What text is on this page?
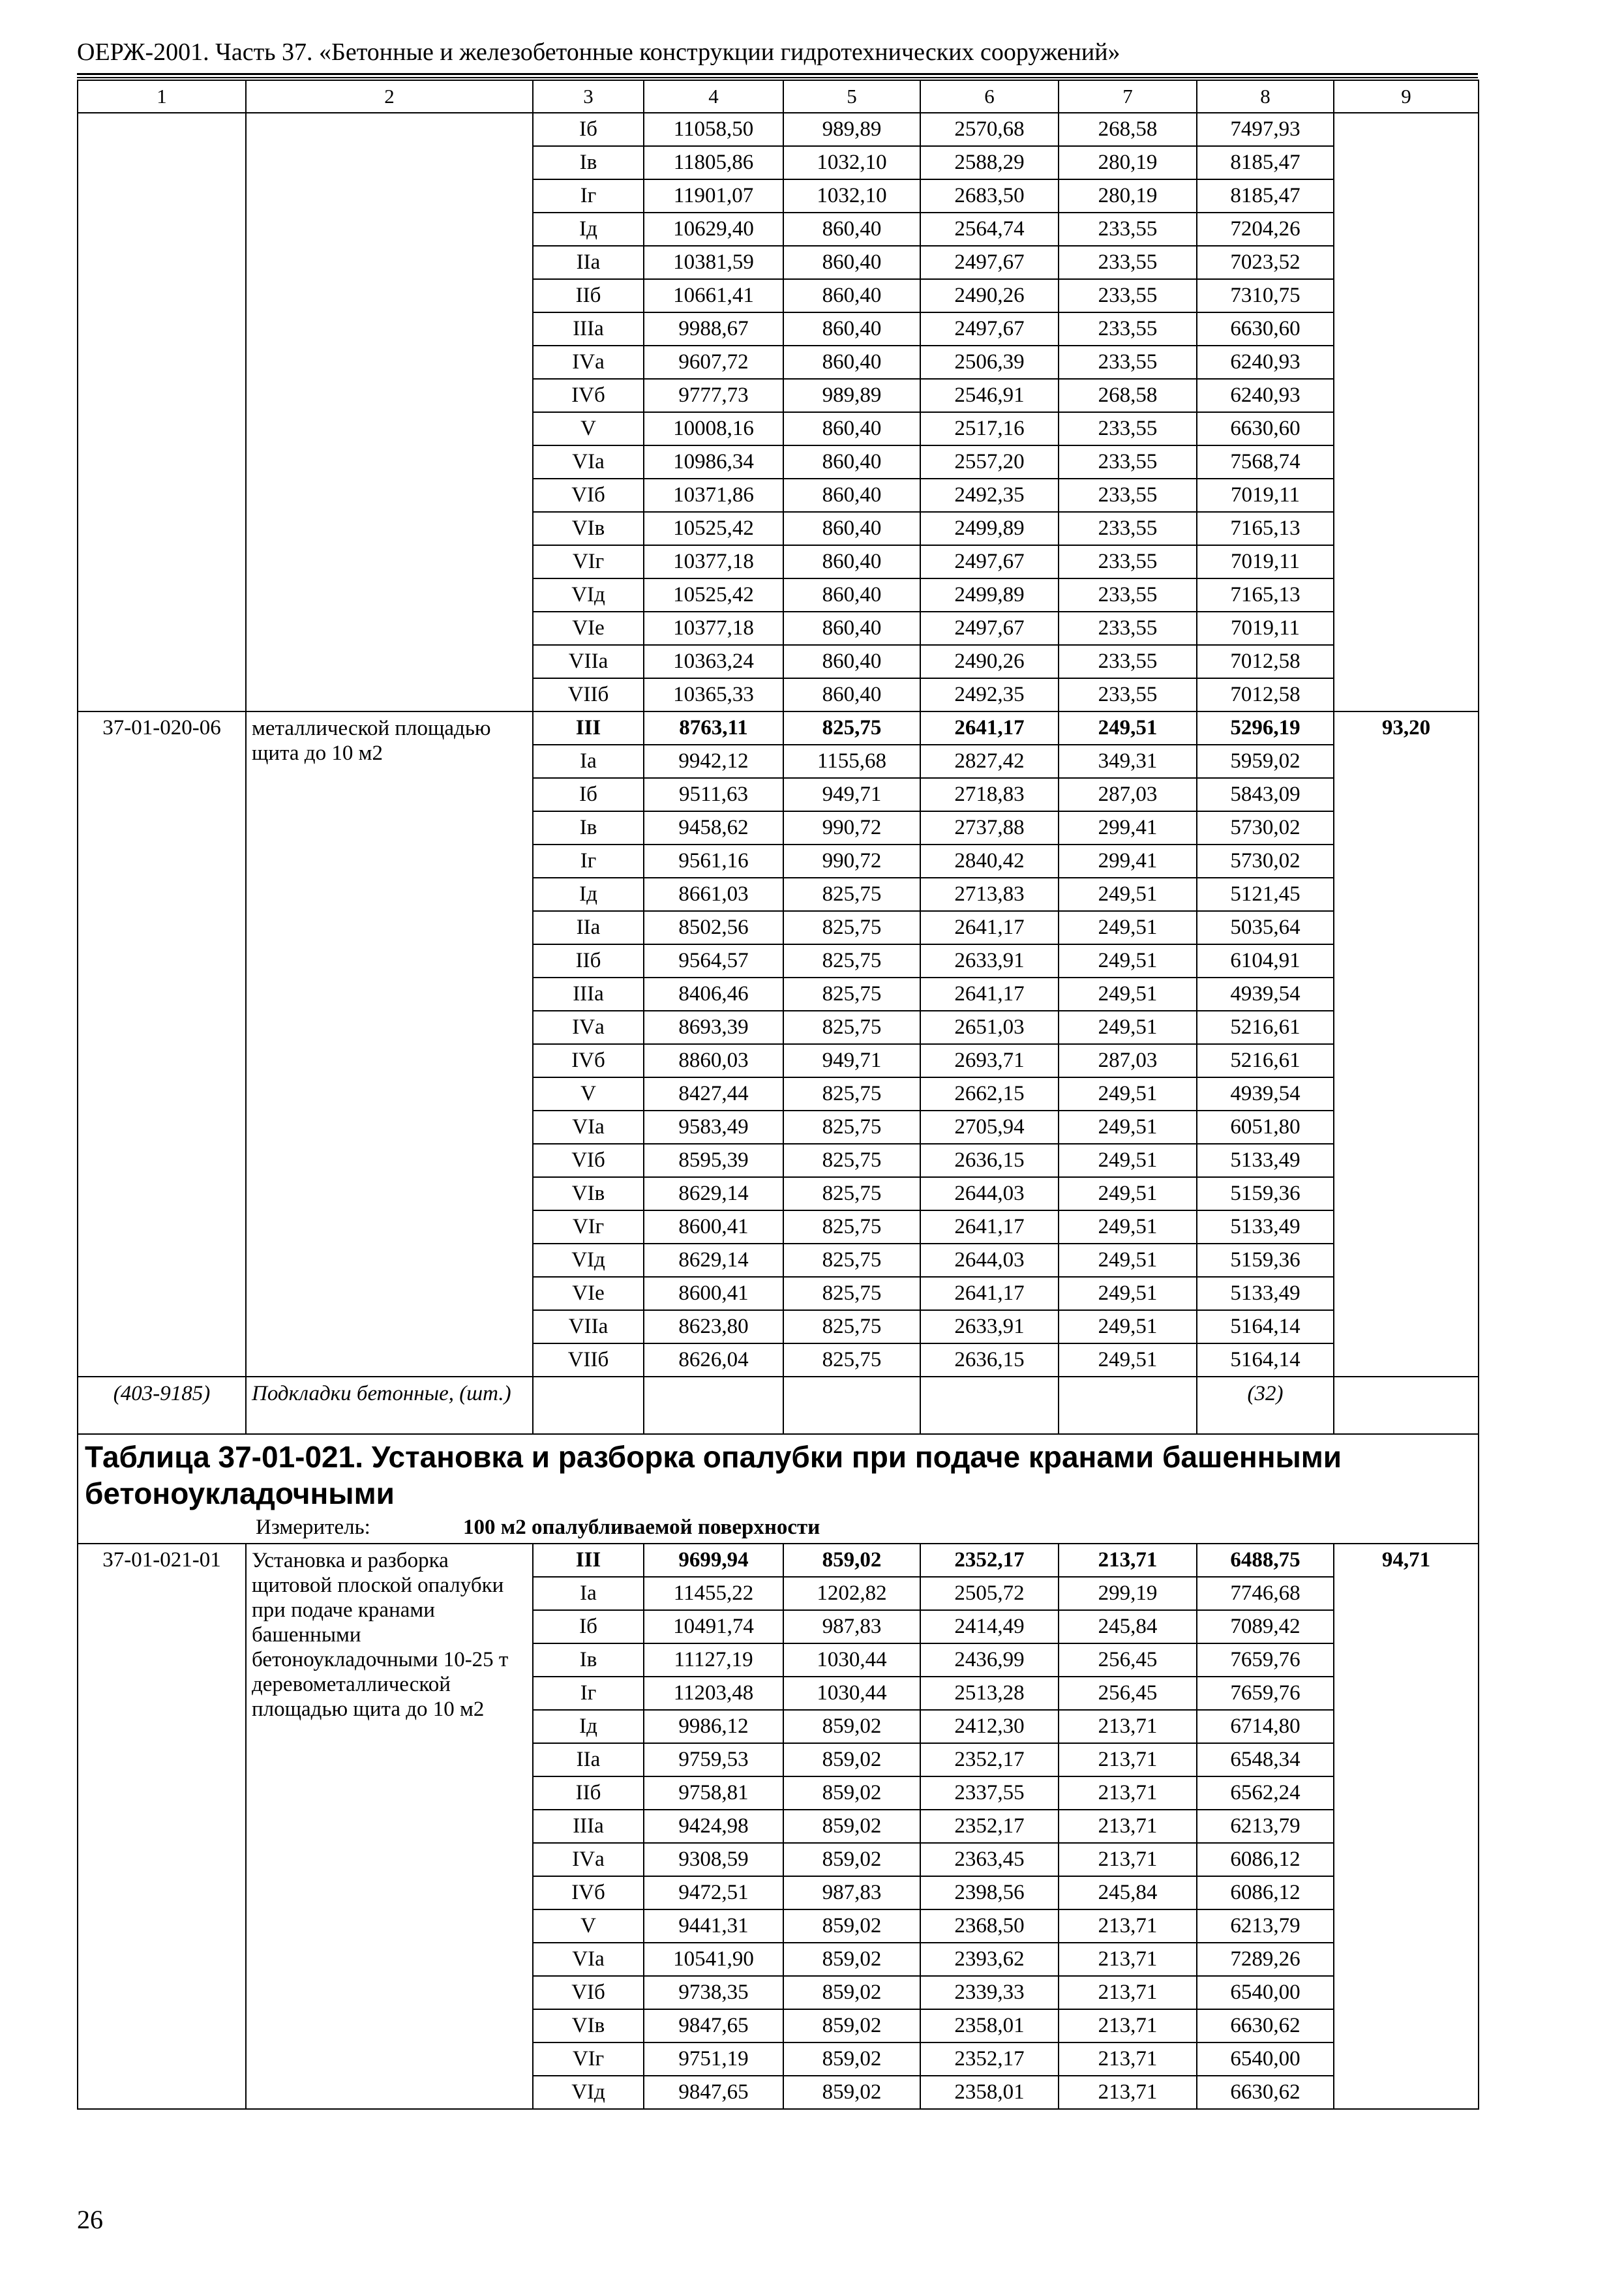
ОЕРЖ-2001. Часть 37. «Бетонные и железобетонные конструкции гидротехнических сооружений»
1	2	3	4	5	6	7	8	9
		Iб	11058,50	989,89	2570,68	268,58	7497,93	
		Iв	11805,86	1032,10	2588,29	280,19	8185,47	
		Iг	11901,07	1032,10	2683,50	280,19	8185,47	
		Iд	10629,40	860,40	2564,74	233,55	7204,26	
		IIа	10381,59	860,40	2497,67	233,55	7023,52	
		IIб	10661,41	860,40	2490,26	233,55	7310,75	
		IIIа	9988,67	860,40	2497,67	233,55	6630,60	
		IVа	9607,72	860,40	2506,39	233,55	6240,93	
		IVб	9777,73	989,89	2546,91	268,58	6240,93	
		V	10008,16	860,40	2517,16	233,55	6630,60	
		VIа	10986,34	860,40	2557,20	233,55	7568,74	
		VIб	10371,86	860,40	2492,35	233,55	7019,11	
		VIв	10525,42	860,40	2499,89	233,55	7165,13	
		VIг	10377,18	860,40	2497,67	233,55	7019,11	
		VIд	10525,42	860,40	2499,89	233,55	7165,13	
		VIе	10377,18	860,40	2497,67	233,55	7019,11	
		VIIа	10363,24	860,40	2490,26	233,55	7012,58	
		VIIб	10365,33	860,40	2492,35	233,55	7012,58	
37-01-020-06	металлической площадью щита до 10 м2	III	8763,11	825,75	2641,17	249,51	5296,19	93,20
		Iа	9942,12	1155,68	2827,42	349,31	5959,02	
		Iб	9511,63	949,71	2718,83	287,03	5843,09	
		Iв	9458,62	990,72	2737,88	299,41	5730,02	
		Iг	9561,16	990,72	2840,42	299,41	5730,02	
		Iд	8661,03	825,75	2713,83	249,51	5121,45	
		IIа	8502,56	825,75	2641,17	249,51	5035,64	
		IIб	9564,57	825,75	2633,91	249,51	6104,91	
		IIIа	8406,46	825,75	2641,17	249,51	4939,54	
		IVа	8693,39	825,75	2651,03	249,51	5216,61	
		IVб	8860,03	949,71	2693,71	287,03	5216,61	
		V	8427,44	825,75	2662,15	249,51	4939,54	
		VIа	9583,49	825,75	2705,94	249,51	6051,80	
		VIб	8595,39	825,75	2636,15	249,51	5133,49	
		VIв	8629,14	825,75	2644,03	249,51	5159,36	
		VIг	8600,41	825,75	2641,17	249,51	5133,49	
		VIд	8629,14	825,75	2644,03	249,51	5159,36	
		VIе	8600,41	825,75	2641,17	249,51	5133,49	
		VIIа	8623,80	825,75	2633,91	249,51	5164,14	
		VIIб	8626,04	825,75	2636,15	249,51	5164,14	
(403-9185)	Подкладки бетонные, (шт.)						(32)	

Таблица 37-01-021. Установка и разборка опалубки при подаче кранами башенными бетоноукладочными
Измеритель: 100 м2 опалубливаемой поверхности								

37-01-021-01	Установка и разборка щитовой плоской опалубки при подаче кранами башенными бетоноукладочными 10-25 т деревометаллической площадью щита до 10 м2	III	9699,94	859,02	2352,17	213,71	6488,75	94,71
		Iа	11455,22	1202,82	2505,72	299,19	7746,68	
		Iб	10491,74	987,83	2414,49	245,84	7089,42	
		Iв	11127,19	1030,44	2436,99	256,45	7659,76	
		Iг	11203,48	1030,44	2513,28	256,45	7659,76	
		Iд	9986,12	859,02	2412,30	213,71	6714,80	
		IIа	9759,53	859,02	2352,17	213,71	6548,34	
		IIб	9758,81	859,02	2337,55	213,71	6562,24	
		IIIа	9424,98	859,02	2352,17	213,71	6213,79	
		IVа	9308,59	859,02	2363,45	213,71	6086,12	
		IVб	9472,51	987,83	2398,56	245,84	6086,12	
		V	9441,31	859,02	2368,50	213,71	6213,79	
		VIа	10541,90	859,02	2393,62	213,71	7289,26	
		VIб	9738,35	859,02	2339,33	213,71	6540,00	
		VIв	9847,65	859,02	2358,01	213,71	6630,62	
		VIг	9751,19	859,02	2352,17	213,71	6540,00	
		VIд	9847,65	859,02	2358,01	213,71	6630,62	
26
